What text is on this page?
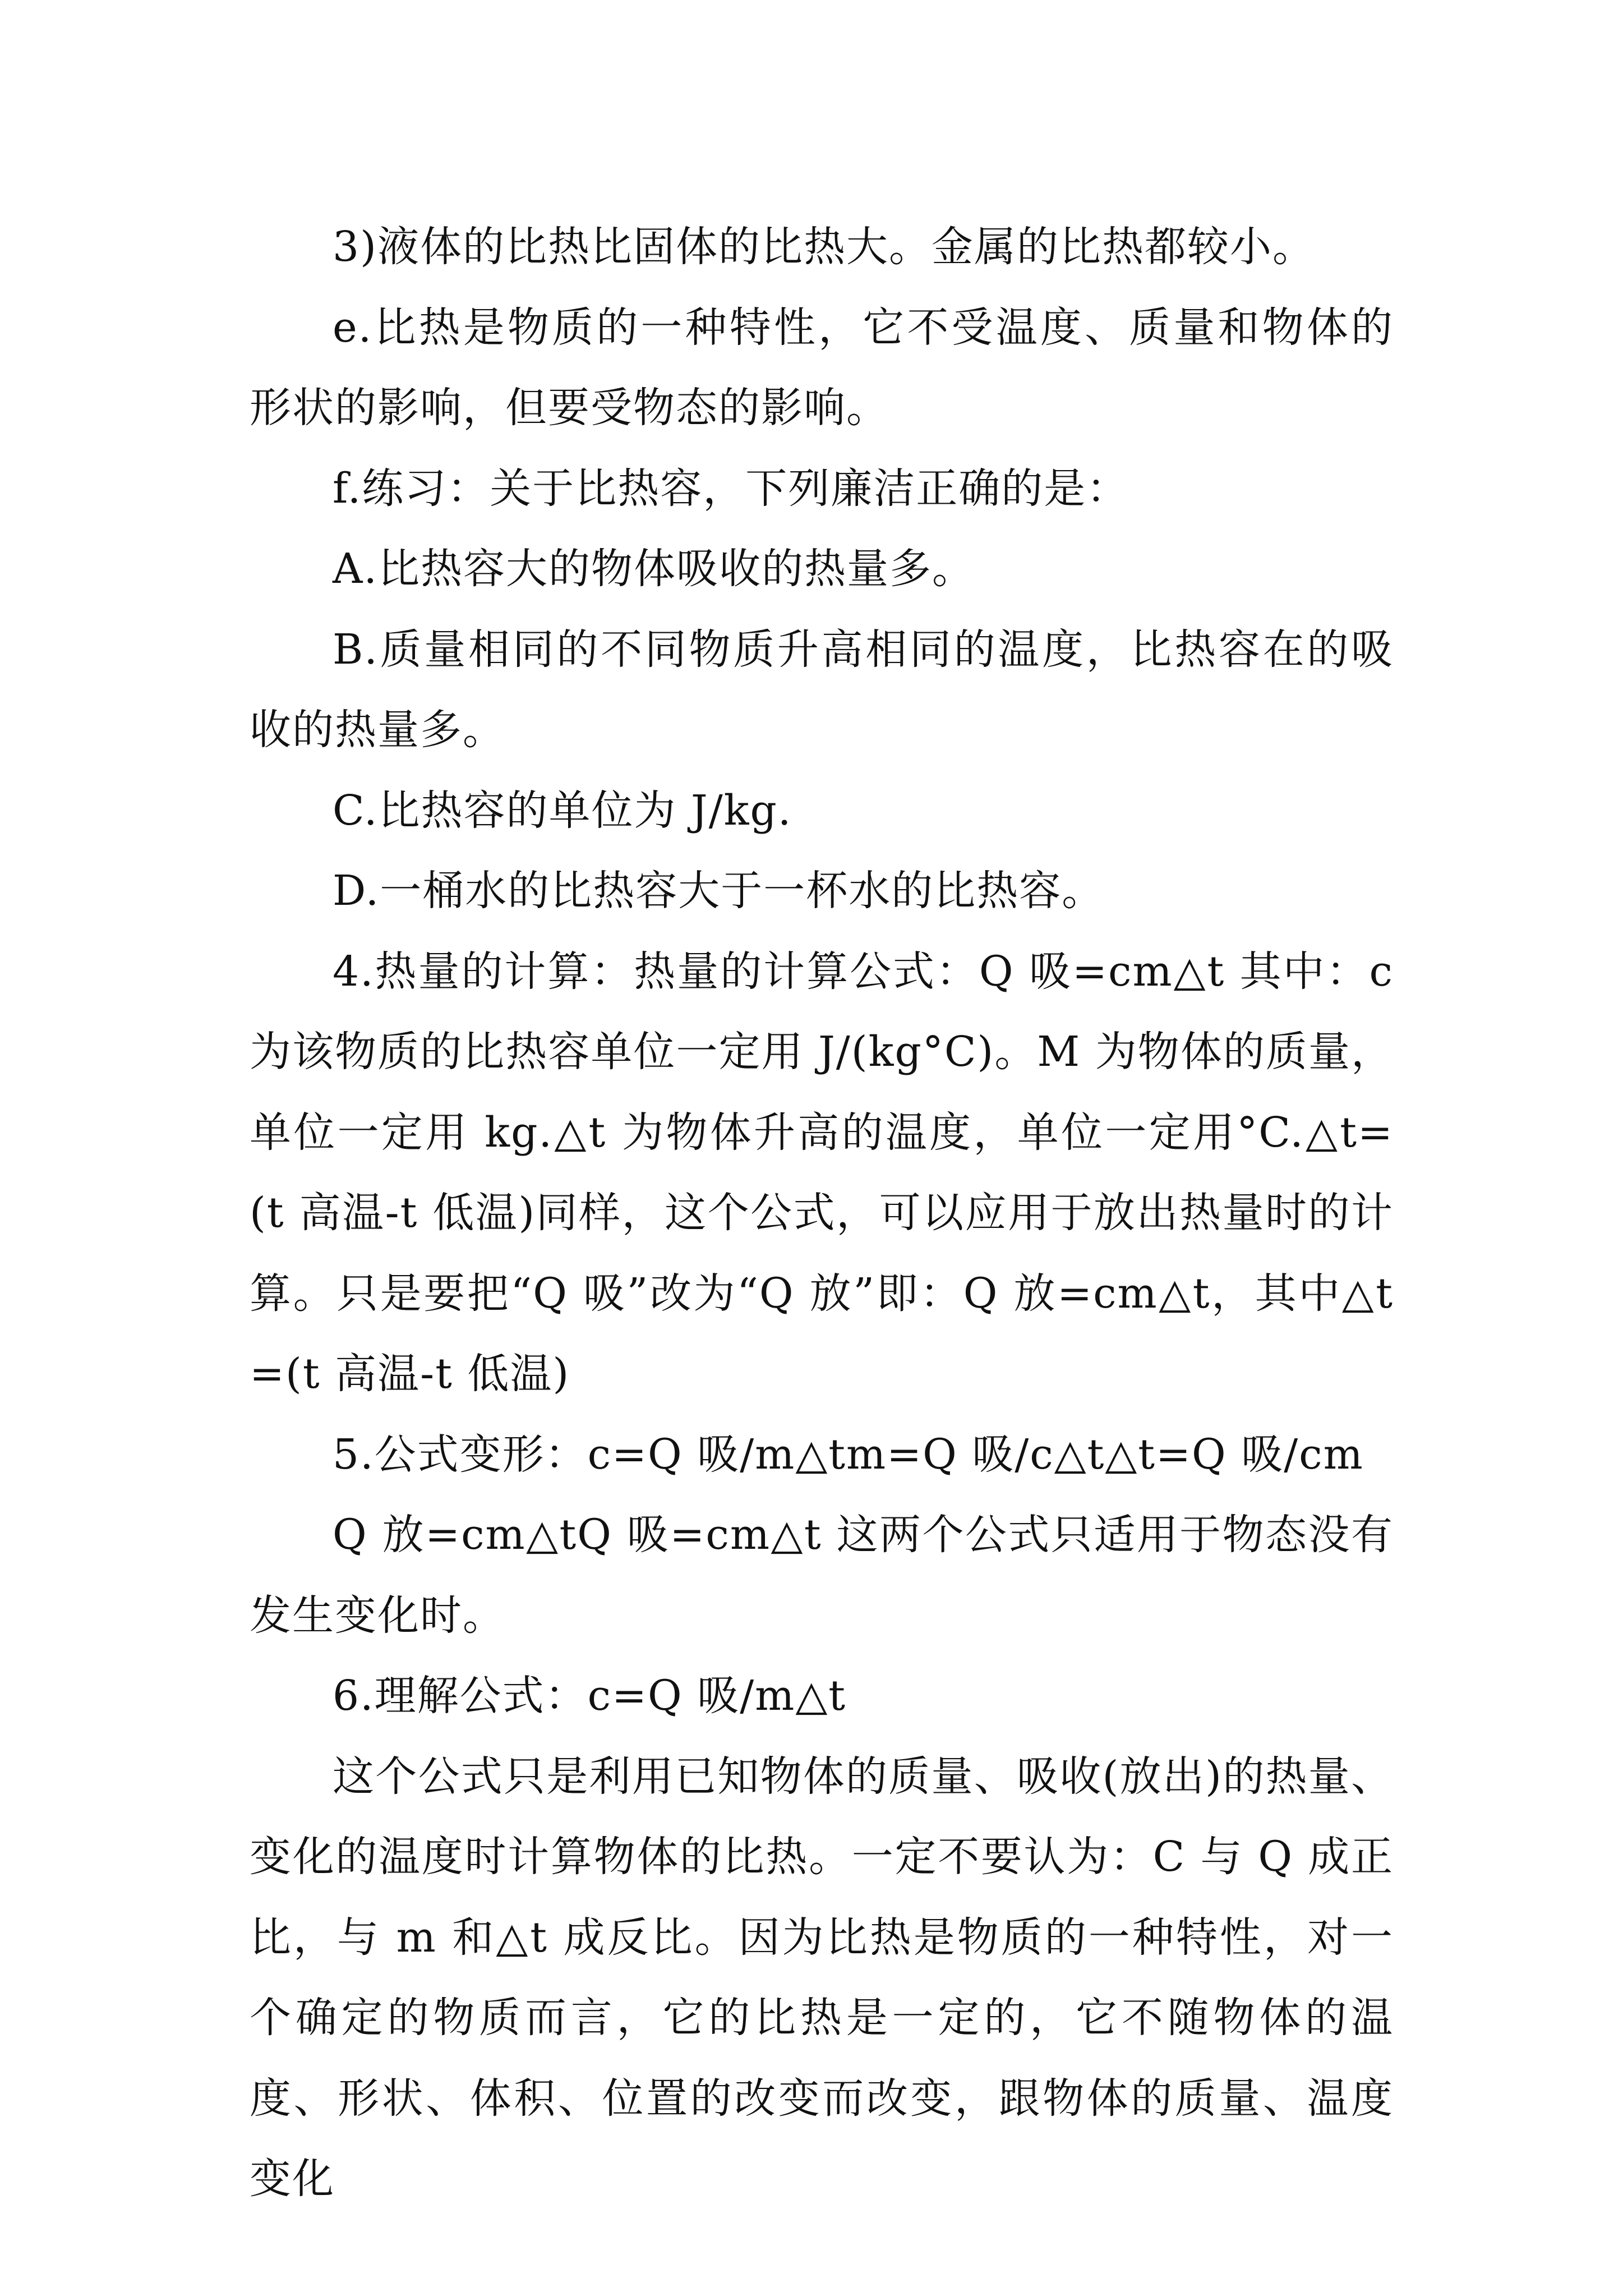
3)液体的比热比固体的比热大。金属的比热都较小。

e.比热是物质的一种特性，它不受温度、质量和物体的形状的影响，但要受物态的影响。

f.练习：关于比热容，下列廉洁正确的是：

A.比热容大的物体吸收的热量多。

B.质量相同的不同物质升高相同的温度，比热容在的吸收的热量多。

C.比热容的单位为 J/kg.

D.一桶水的比热容大于一杯水的比热容。

4.热量的计算：热量的计算公式：Q 吸=cm△t 其中：c 为该物质的比热容单位一定用 J/(kg°C)。M 为物体的质量，单位一定用 kg.△t 为物体升高的温度，单位一定用°C.△t=(t 高温-t 低温)同样，这个公式，可以应用于放出热量时的计算。只是要把“Q 吸”改为“Q 放”即：Q 放=cm△t，其中△t=(t 高温-t 低温)

5.公式变形：c=Q 吸/m△tm=Q 吸/c△t△t=Q 吸/cm

Q 放=cm△tQ 吸=cm△t 这两个公式只适用于物态没有发生变化时。

6.理解公式：c=Q 吸/m△t

这个公式只是利用已知物体的质量、吸收(放出)的热量、变化的温度时计算物体的比热。一定不要认为：C 与 Q 成正比，与 m 和△t 成反比。因为比热是物质的一种特性，对一个确定的物质而言，它的比热是一定的，它不随物体的温度、形状、体积、位置的改变而改变，跟物体的质量、温度变化
